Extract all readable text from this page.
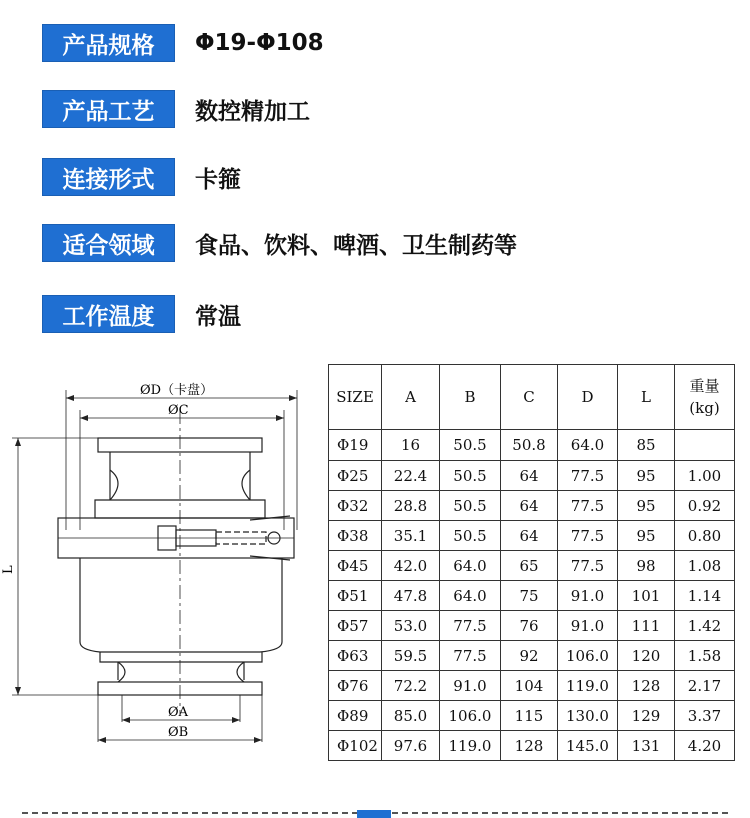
产品规格	Φ19-Φ108
产品工艺	数控精加工
连接形式	卡箍
适合领域	食品、饮料、啤酒、卫生制药等
工作温度	常温
ØD（卡盘）
ØC
L
ØA
ØB
SIZE	A	B	C	D	L	重量
(kg)
Φ19	16	50.5	50.8	64.0	85	
Φ25	22.4	50.5	64	77.5	95	1.00
Φ32	28.8	50.5	64	77.5	95	0.92
Φ38	35.1	50.5	64	77.5	95	0.80
Φ45	42.0	64.0	65	77.5	98	1.08
Φ51	47.8	64.0	75	91.0	101	1.14
Φ57	53.0	77.5	76	91.0	111	1.42
Φ63	59.5	77.5	92	106.0	120	1.58
Φ76	72.2	91.0	104	119.0	128	2.17
Φ89	85.0	106.0	115	130.0	129	3.37
Φ102	97.6	119.0	128	145.0	131	4.20
